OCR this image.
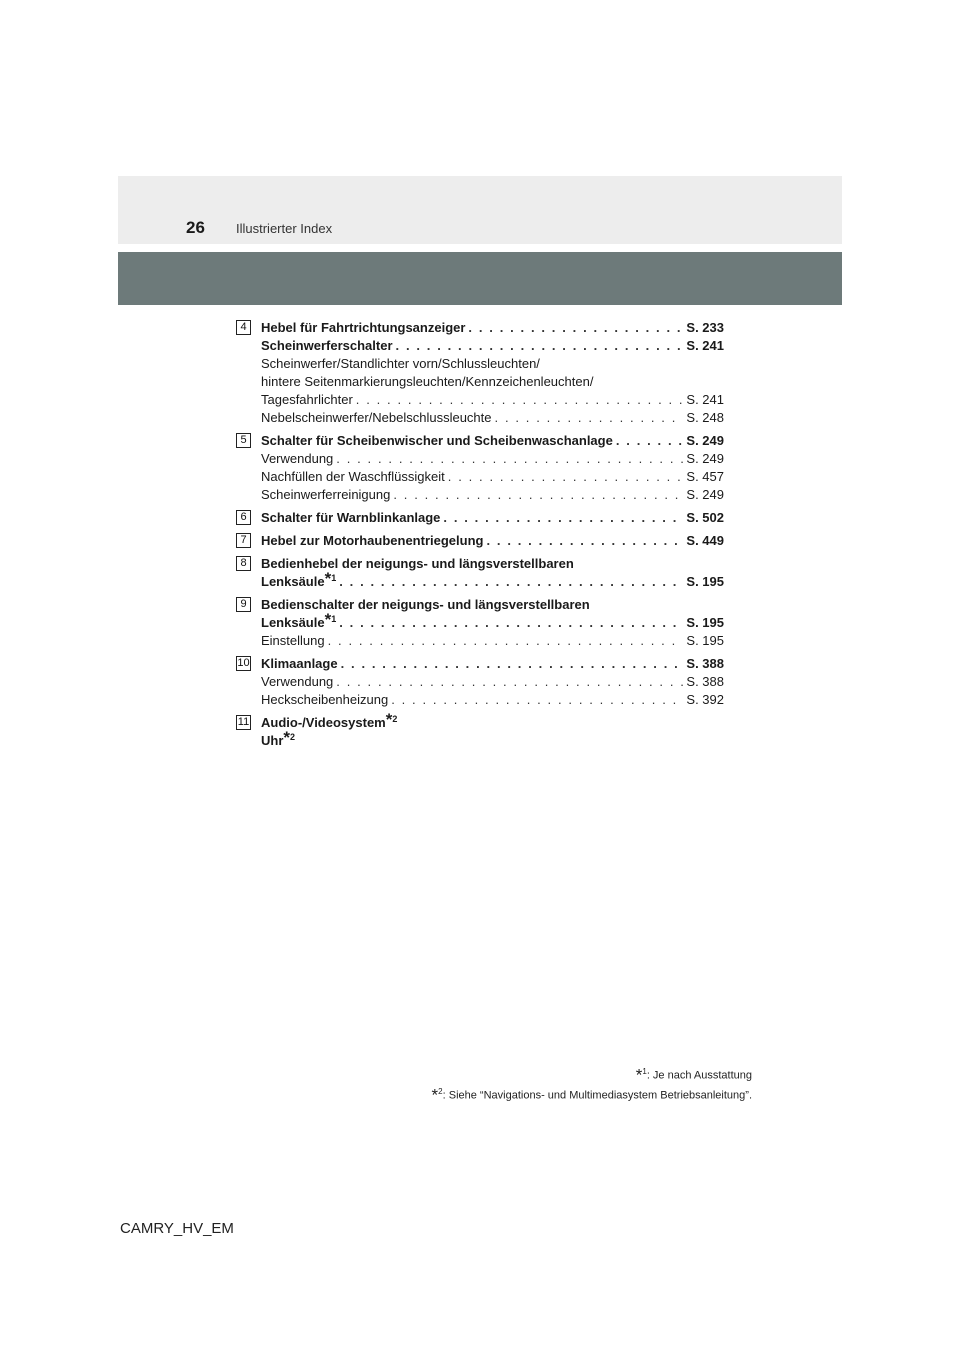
26 Illustrierter Index
4	Hebel für Fahrtrichtungsanzeiger . . .	S. 233
Scheinwerferschalter . . .	S. 241
Scheinwerfer/Standlichter vorn/Schlussleuchten/
hintere Seitenmarkierungsleuchten/Kennzeichenleuchten/
Tagesfahrlichter . . .	S. 241
Nebelscheinwerfer/Nebelschlussleuchte . . .	S. 248
5	Schalter für Scheibenwischer und Scheibenwaschanlage . . .	S. 249
Verwendung . . .	S. 249
Nachfüllen der Waschflüssigkeit . . .	S. 457
Scheinwerferreinigung . . .	S. 249
6	Schalter für Warnblinkanlage . . .	S. 502
7	Hebel zur Motorhaubenentriegelung . . .	S. 449
8	Bedienhebel der neigungs- und längsverstellbaren
Lenksäule$^{*1}$ . . .	S. 195
9	Bedienschalter der neigungs- und längsverstellbaren
Lenksäule$^{*1}$ . . .	S. 195
Einstellung . . .	S. 195
10 Klimaanlage . . .	S. 388
Verwendung . . .	S. 388
Heckscheibenheizung . . .	S. 392
11 Audio-/Videosystem$^{*2}$
Uhr$^{*2}$
$*_1$: Je nach Ausstattung
$*_2$: Siehe “Navigations- und Multimediasystem Betriebsanleitung”.
CAMRY_HV_EM
